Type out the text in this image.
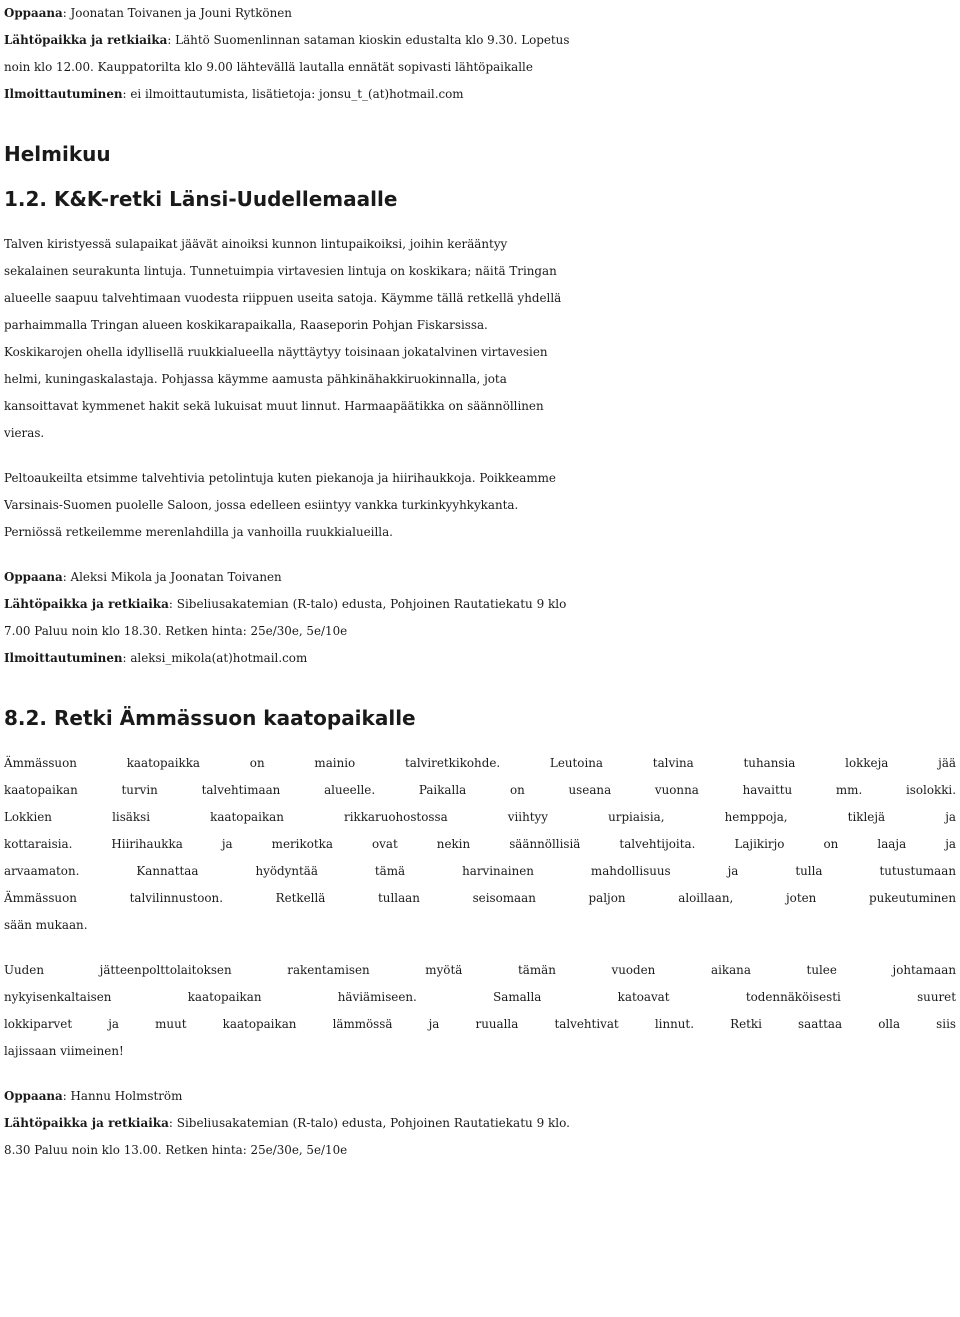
Oppaana: Joonatan Toivanen ja Jouni Rytkönen

Lähtöpaikka ja retkiaika: Lähtö Suomenlinnan sataman kioskin edustalta klo 9.30. Lopetus

noin klo 12.00. Kauppatorilta klo 9.00 lähtevällä lautalla ennätät sopivasti lähtöpaikalle

Ilmoittautuminen: ei ilmoittautumista, lisätietoja: jonsu_t_(at)hotmail.com

Helmikuu
1.2. K&K-retki Länsi-Uudellemaalle

Talven kiristyessä sulapaikat jäävät ainoiksi kunnon lintupaikoiksi, joihin kerääntyy

sekalainen seurakunta lintuja. Tunnetuimpia virtavesien lintuja on koskikara; näitä Tringan

alueelle saapuu talvehtimaan vuodesta riippuen useita satoja. Käymme tällä retkellä yhdellä

parhaimmalla Tringan alueen koskikarapaikalla, Raaseporin Pohjan Fiskarsissa.

Koskikarojen ohella idyllisellä ruukkialueella näyttäytyy toisinaan jokatalvinen virtavesien

helmi, kuningaskalastaja. Pohjassa käymme aamusta pähkinähakkiruokinnalla, jota

kansoittavat kymmenet hakit sekä lukuisat muut linnut. Harmaapäätikka on säännöllinen

vieras.

Peltoaukeilta etsimme talvehtivia petolintuja kuten piekanoja ja hiirihaukkoja. Poikkeamme

Varsinais-Suomen puolelle Saloon, jossa edelleen esiintyy vankka turkinkyyhkykanta.

Perniössä retkeilemme merenlahdilla ja vanhoilla ruukkialueilla.

Oppaana: Aleksi Mikola ja Joonatan Toivanen

Lähtöpaikka ja retkiaika: Sibeliusakatemian (R-talo) edusta, Pohjoinen Rautatiekatu 9 klo

7.00 Paluu noin klo 18.30. Retken hinta: 25e/30e, 5e/10e

Ilmoittautuminen: aleksi_mikola(at)hotmail.com

8.2. Retki Ämmässuon kaatopaikalle

Ämmässuon kaatopaikka on mainio talviretkikohde. Leutoina talvina tuhansia lokkeja jää

kaatopaikan turvin talvehtimaan alueelle. Paikalla on useana vuonna havaittu mm. isolokki.

Lokkien lisäksi kaatopaikan rikkaruohostossa viihtyy urpiaisia, hemppoja, tiklejä ja

kottaraisia. Hiirihaukka ja merikotka ovat nekin säännöllisiä talvehtijoita. Lajikirjo on laaja ja

arvaamaton. Kannattaa hyödyntää tämä harvinainen mahdollisuus ja tulla tutustumaan

Ämmässuon talvilinnustoon. Retkellä tullaan seisomaan paljon aloillaan, joten pukeutuminen

sään mukaan.

Uuden jätteenpolttolaitoksen rakentamisen myötä tämän vuoden aikana tulee johtamaan

nykyisenkaltaisen kaatopaikan häviämiseen. Samalla katoavat todennäköisesti suuret

lokkiparvet ja muut kaatopaikan lämmössä ja ruualla talvehtivat linnut. Retki saattaa olla siis

lajissaan viimeinen!

Oppaana: Hannu Holmström

Lähtöpaikka ja retkiaika: Sibeliusakatemian (R-talo) edusta, Pohjoinen Rautatiekatu 9 klo.

8.30 Paluu noin klo 13.00. Retken hinta: 25e/30e, 5e/10e
